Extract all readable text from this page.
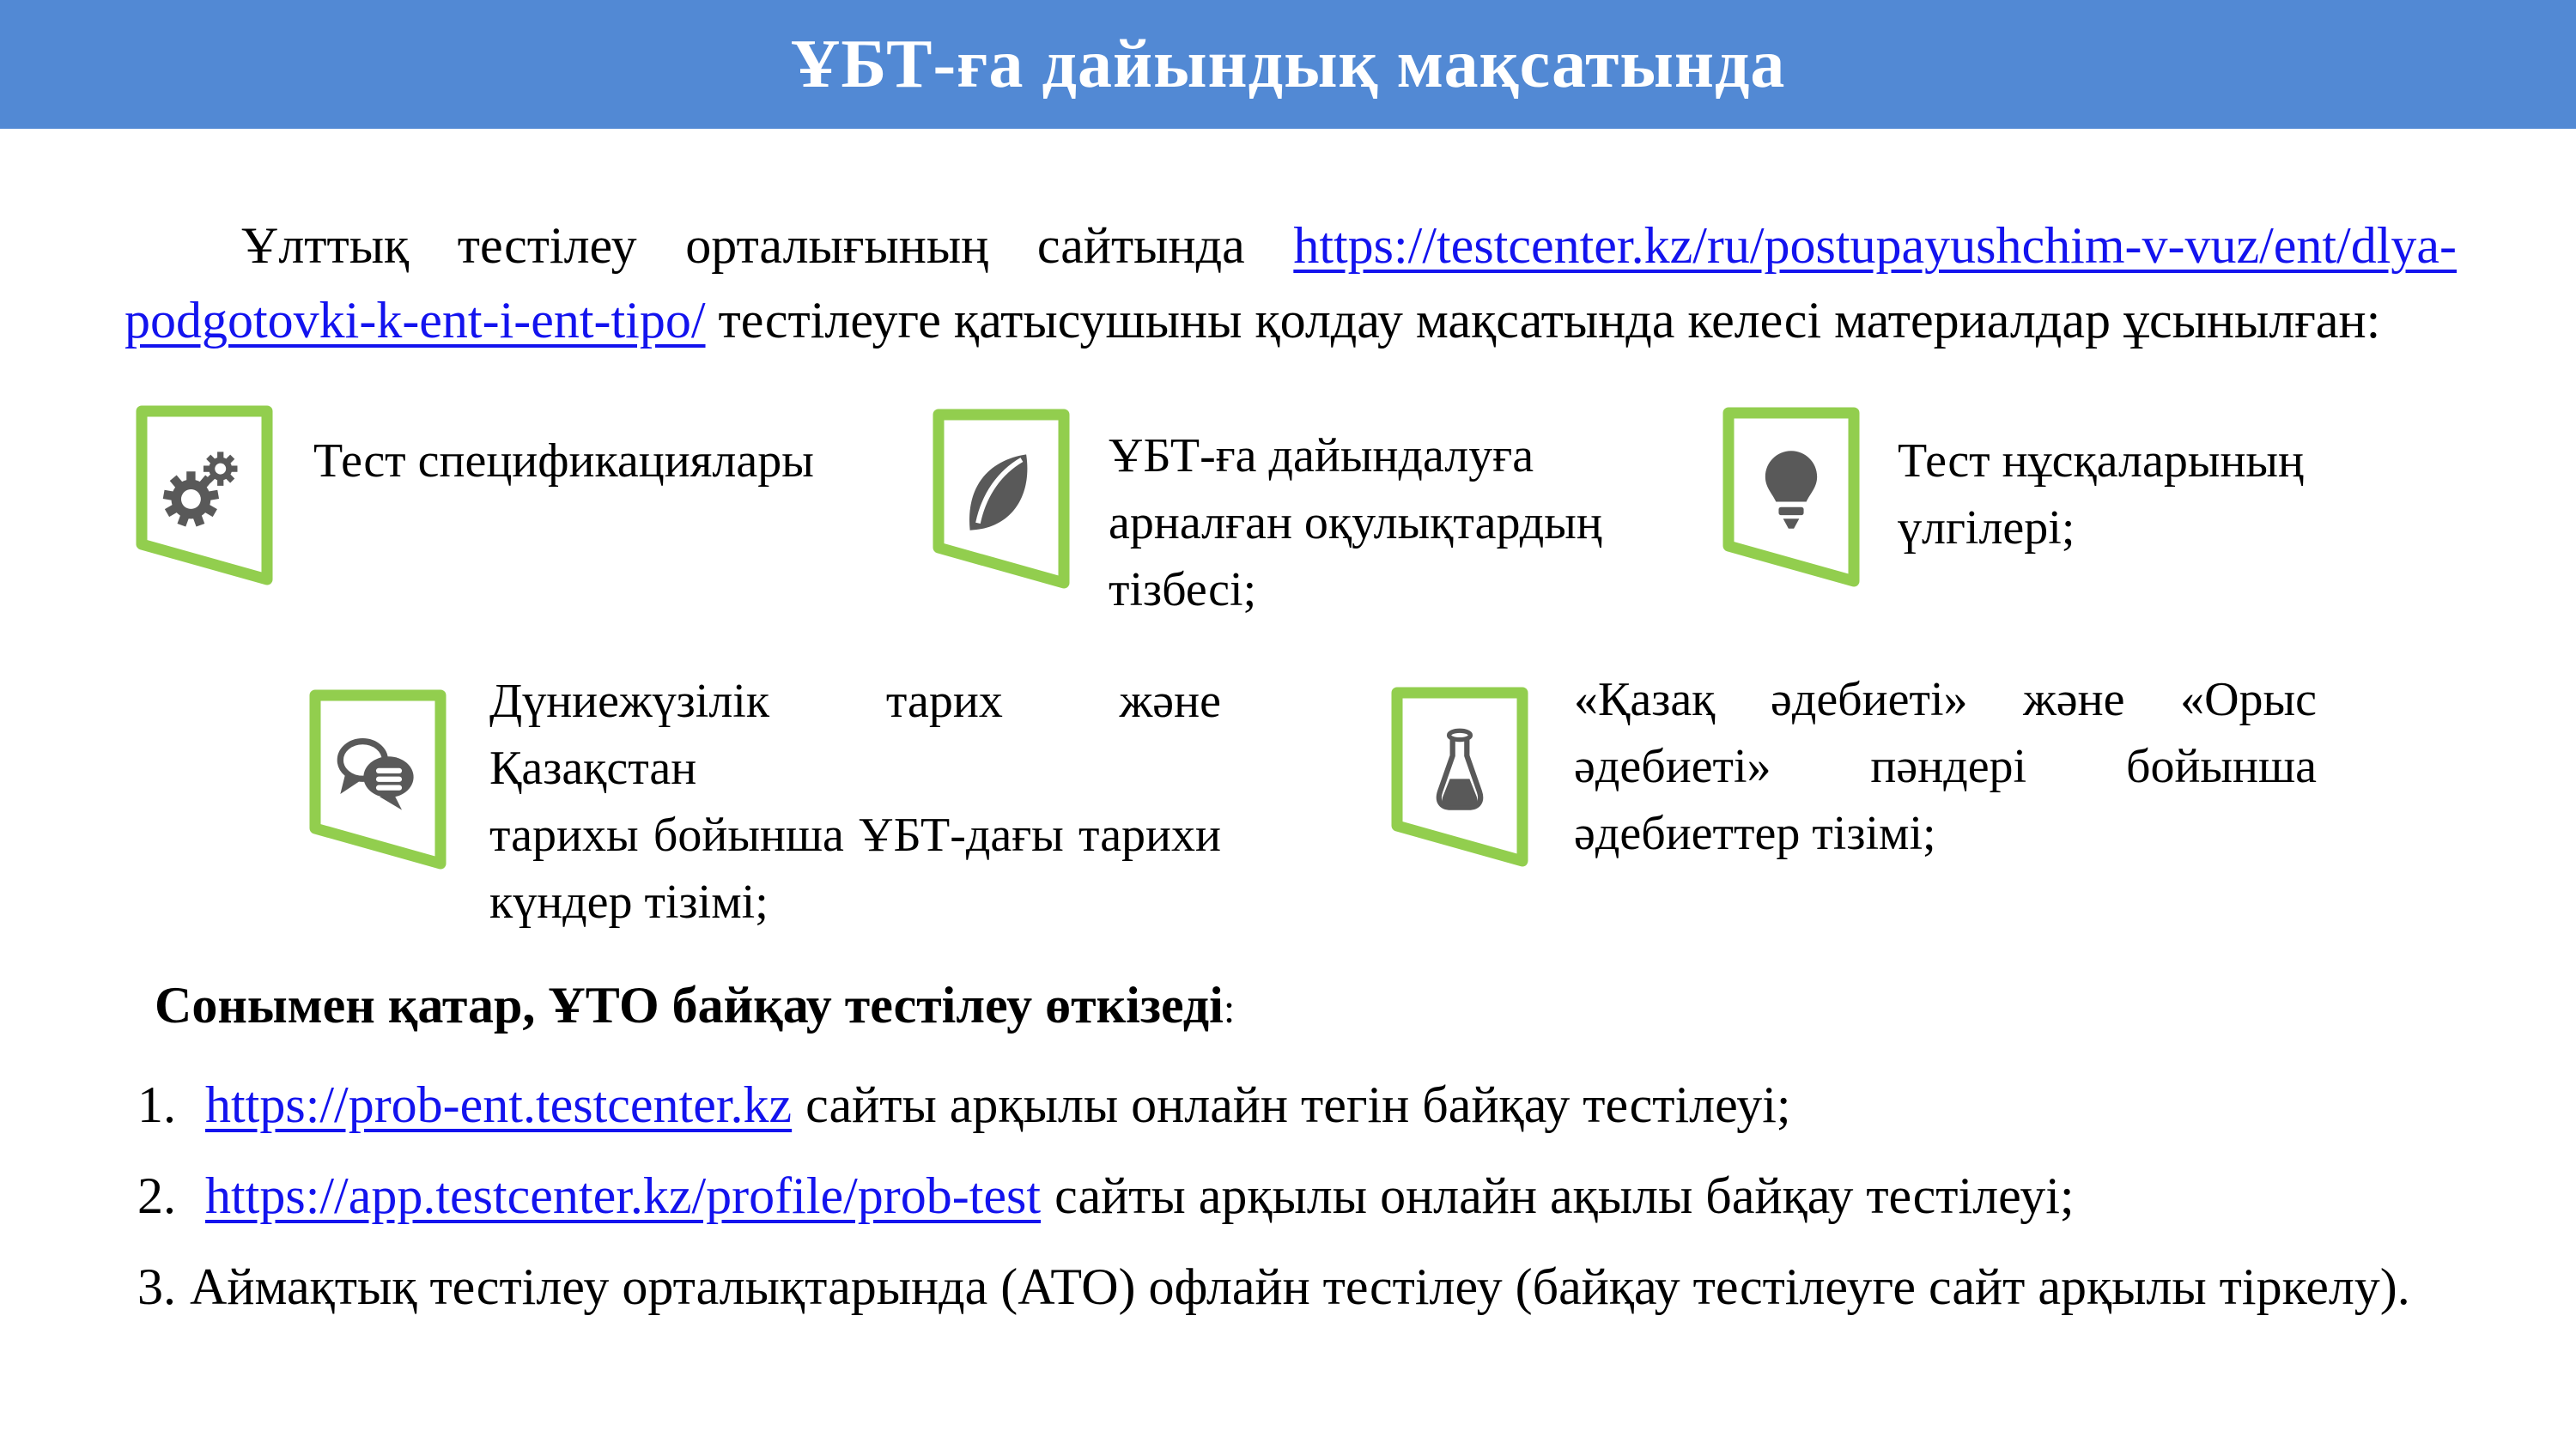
ҰБТ-ға дайындық мақсатында

Ұлттық тестілеу орталығының сайтында https://testcenter.kz/ru/postupayushchim-v-vuz/ent/dlya-podgotovki-k-ent-i-ent-tipo/ тестілеуге қатысушыны қолдау мақсатында келесі материалдар ұсынылған:

Тест спецификациялары	ҰБТ-ға дайындалуға
арналған оқулықтардың
тізбесі;
Тест нұсқаларының
үлгілері;
Дүниежүзілік тарих және Қазақстан
тарихы бойынша ҰБТ-дағы тарихи
күндер тізімі;
«Қазақ әдебиеті» және «Орыс
әдебиеті» пәндері бойынша
әдебиеттер тізімі;
Сонымен қатар, ҰТО байқау тестілеу өткізеді:
1. https://prob-ent.testcenter.kz сайты арқылы онлайн тегін байқау тестілеуі;
2. https://app.testcenter.kz/profile/prob-test сайты арқылы онлайн ақылы байқау тестілеуі;
3. Аймақтық тестілеу орталықтарында (АТО) офлайн тестілеу (байқау тестілеуге сайт арқылы тіркелу).
